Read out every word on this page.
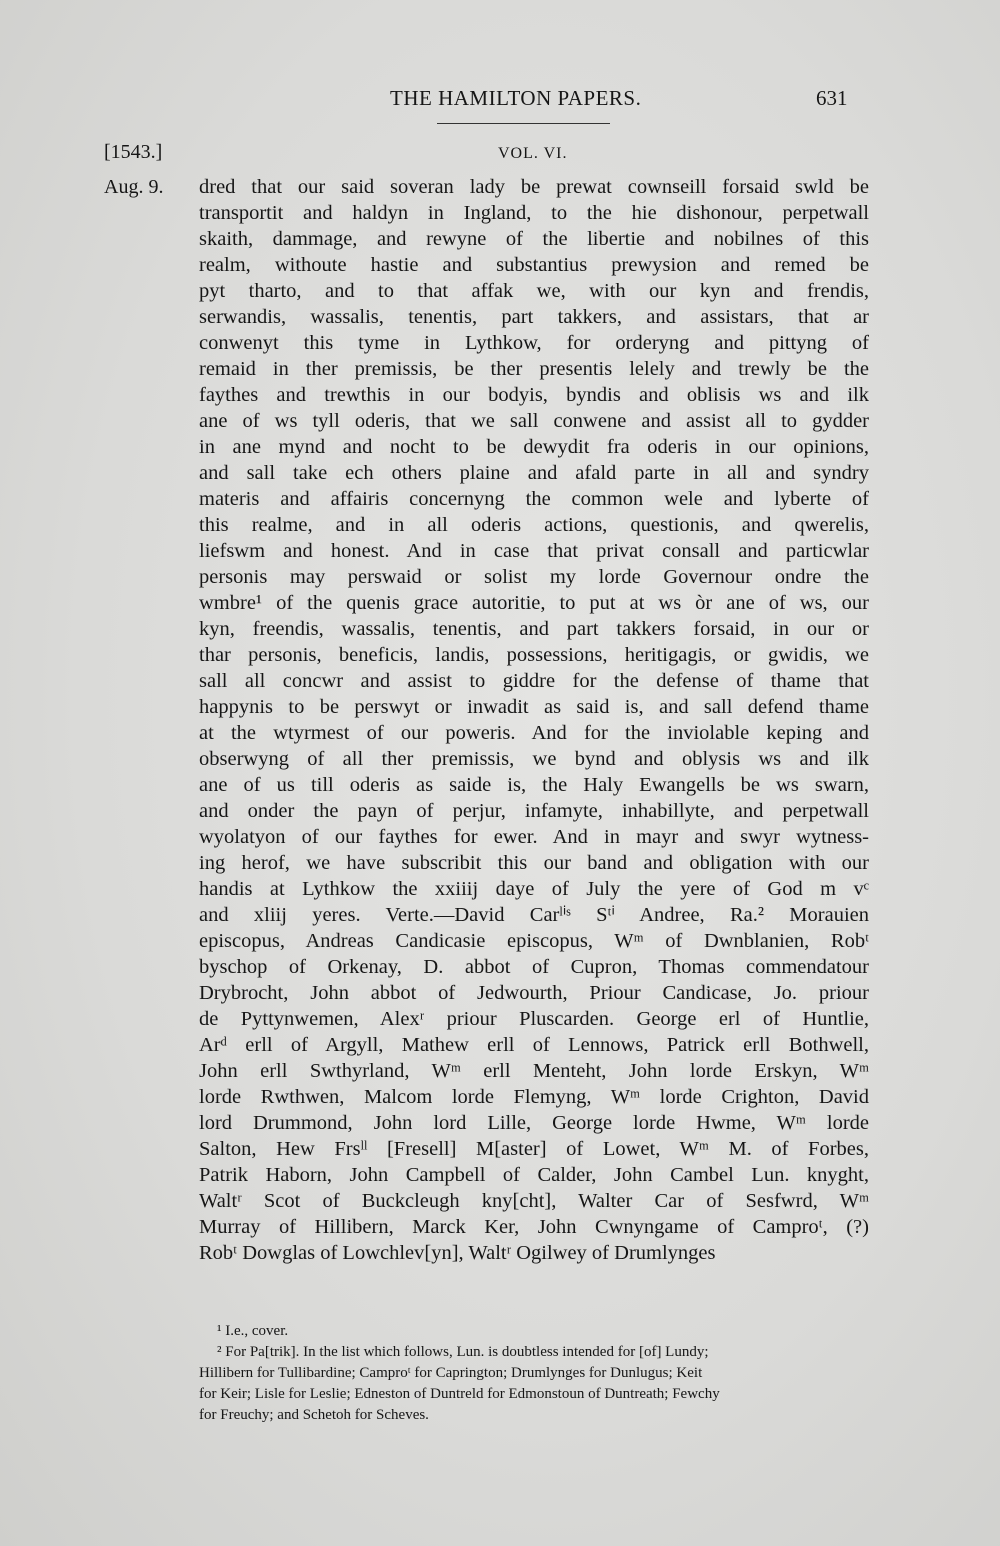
THE HAMILTON PAPERS.	631
[1543.]	VOL. VI.
Aug. 9. dred that our said soveran lady be prewat cownseill forsaid swld be
transportit and haldyn in Ingland, to the hie dishonour, perpetwall
skaith, dammage, and rewyne of the libertie and nobilnes of this
realm, withoute hastie and substantius prewysion and remed be
pyt tharto, and to that affak we, with our kyn and frendis,
serwandis, wassalis, tenentis, part takkers, and assistars, that ar
conwenyt this tyme in Lythkow, for orderyng and pittyng of
remaid in ther premissis, be ther presentis lelely and trewly be the
faythes and trewthis in our bodyis, byndis and oblisis ws and ilk
ane of ws tyll oderis, that we sall conwene and assist all to gydder
in ane mynd and nocht to be dewydit fra oderis in our opinions,
and sall take ech others plaine and afald parte in all and syndry
materis and affairis concernyng the common wele and lyberte of
this realme, and in all oderis actions, questionis, and qwerelis,
liefswm and honest. And in case that privat consall and particwlar
personis may perswaid or solist my lorde Governour ondre the
wmbre¹ of the quenis grace autoritie, to put at ws òr ane of ws, our
kyn, freendis, wassalis, tenentis, and part takkers forsaid, in our or
thar personis, beneficis, landis, possessions, heritigagis, or gwidis, we
sall all concwr and assist to giddre for the defense of thame that
happynis to be perswyt or inwadit as said is, and sall defend thame
at the wtyrmest of our poweris. And for the inviolable keping and
obserwyng of all ther premissis, we bynd and oblysis ws and ilk
ane of us till oderis as saide is, the Haly Ewangells be ws swarn,
and onder the payn of perjur, infamyte, inhabillyte, and perpetwall
wyolatyon of our faythes for ewer. And in mayr and swyr wytness-
ing herof, we have subscribit this our band and obligation with our
handis at Lythkow the xxiiij daye of July the yere of God m vᶜ
and xliij yeres. Verte.—David Carˡⁱˢ Sᵗⁱ Andree, Ra.² Morauien
episcopus, Andreas Candicasie episcopus, Wᵐ of Dwnblanien, Robᵗ
byschop of Orkenay, D. abbot of Cupron, Thomas commendatour
Drybrocht, John abbot of Jedwourth, Priour Candicase, Jo. priour
de Pyttynwemen, Alexʳ priour Pluscarden. George erl of Huntlie,
Arᵈ erll of Argyll, Mathew erll of Lennows, Patrick erll Bothwell,
John erll Swthyrland, Wᵐ erll Menteht, John lorde Erskyn, Wᵐ
lorde Rwthwen, Malcom lorde Flemyng, Wᵐ lorde Crighton, David
lord Drummond, John lord Lille, George lorde Hwme, Wᵐ lorde
Salton, Hew Frsˡˡ [Fresell] M[aster] of Lowet, Wᵐ M. of Forbes,
Patrik Haborn, John Campbell of Calder, John Cambel Lun. knyght,
Waltʳ Scot of Buckcleugh kny[cht], Walter Car of Sesfwrd, Wᵐ
Murray of Hillibern, Marck Ker, John Cwnyngame of Camproᵗ, (?)
Robᵗ Dowglas of Lowchlev[yn], Waltʳ Ogilwey of Drumlynges
¹ I.e., cover.
² For Pa[trik]. In the list which follows, Lun. is doubtless intended for [of] Lundy;
Hillibern for Tullibardine; Camproᵗ for Caprington; Drumlynges for Dunlugus; Keit
for Keir; Lisle for Leslie; Edneston of Duntreld for Edmonstoun of Duntreath; Fewchy
for Freuchy; and Schetoh for Scheves.
